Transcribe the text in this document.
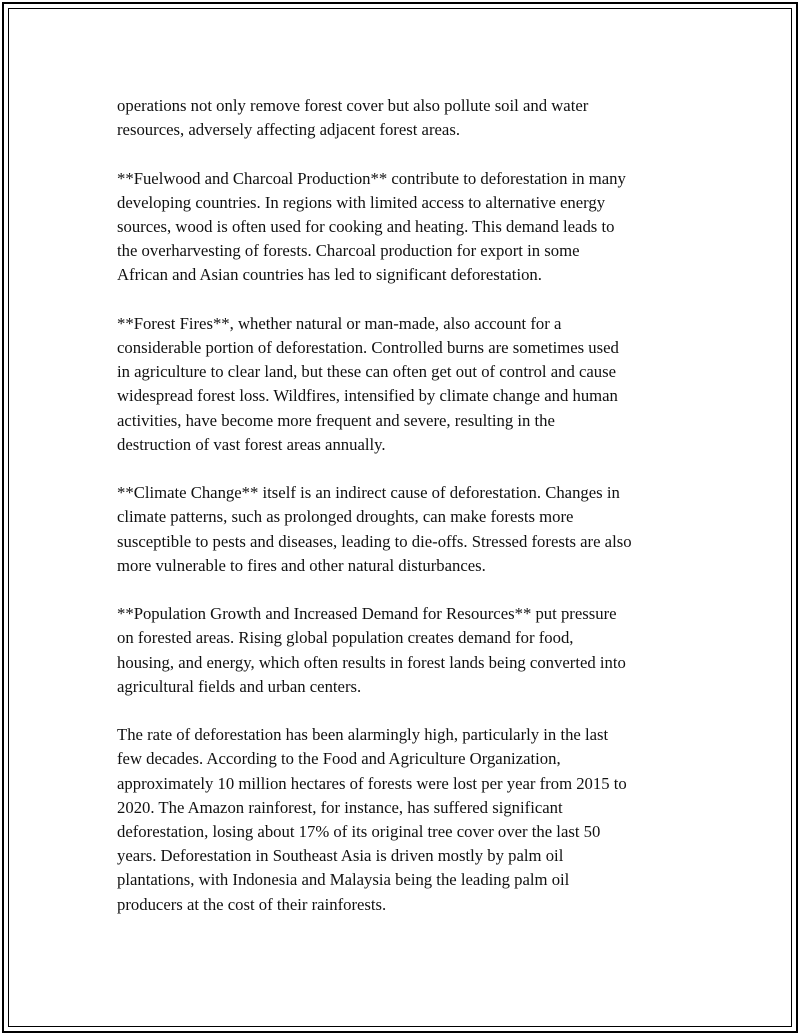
operations not only remove forest cover but also pollute soil and water
resources, adversely affecting adjacent forest areas.

**Fuelwood and Charcoal Production** contribute to deforestation in many
developing countries. In regions with limited access to alternative energy
sources, wood is often used for cooking and heating. This demand leads to
the overharvesting of forests. Charcoal production for export in some
African and Asian countries has led to significant deforestation.

**Forest Fires**, whether natural or man-made, also account for a
considerable portion of deforestation. Controlled burns are sometimes used
in agriculture to clear land, but these can often get out of control and cause
widespread forest loss. Wildfires, intensified by climate change and human
activities, have become more frequent and severe, resulting in the
destruction of vast forest areas annually.

**Climate Change** itself is an indirect cause of deforestation. Changes in
climate patterns, such as prolonged droughts, can make forests more
susceptible to pests and diseases, leading to die-offs. Stressed forests are also
more vulnerable to fires and other natural disturbances.

**Population Growth and Increased Demand for Resources** put pressure
on forested areas. Rising global population creates demand for food,
housing, and energy, which often results in forest lands being converted into
agricultural fields and urban centers.

The rate of deforestation has been alarmingly high, particularly in the last
few decades. According to the Food and Agriculture Organization,
approximately 10 million hectares of forests were lost per year from 2015 to
2020. The Amazon rainforest, for instance, has suffered significant
deforestation, losing about 17% of its original tree cover over the last 50
years. Deforestation in Southeast Asia is driven mostly by palm oil
plantations, with Indonesia and Malaysia being the leading palm oil
producers at the cost of their rainforests.
